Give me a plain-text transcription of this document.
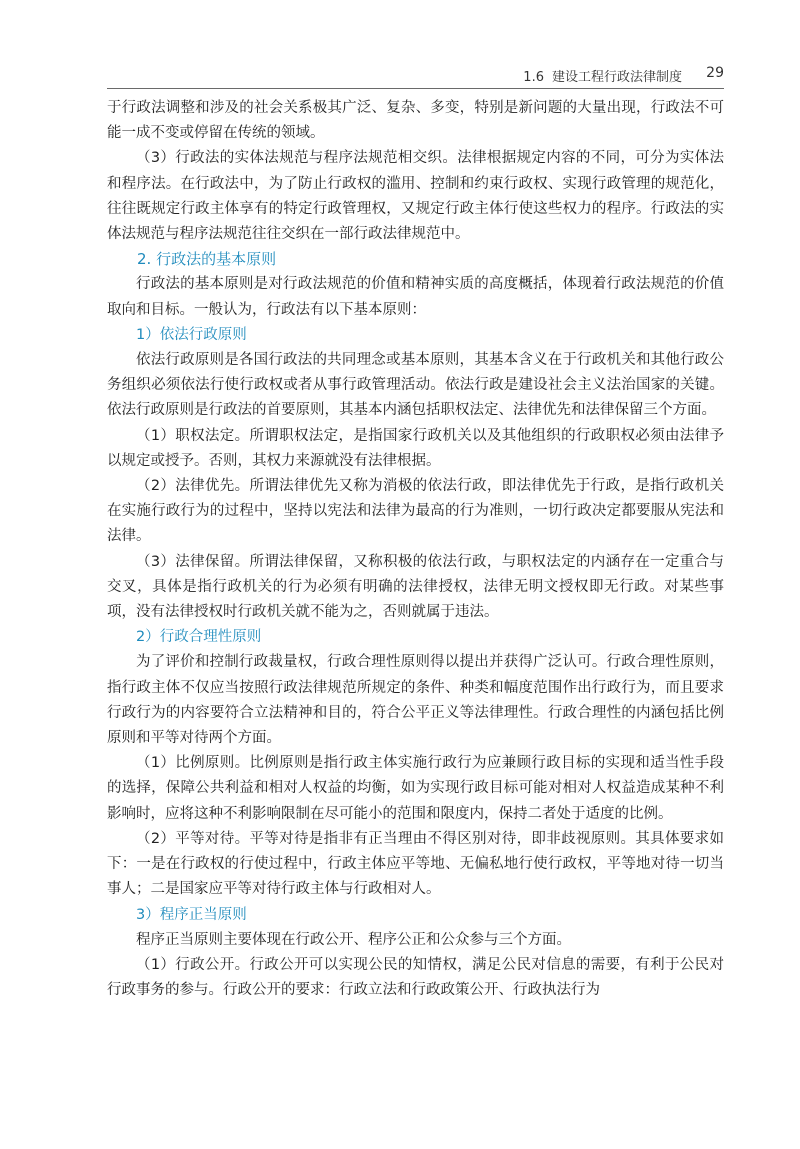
1.6 建设工程行政法律制度 29

于行政法调整和涉及的社会关系极其广泛、复杂、多变，特别是新问题的大量出现，行政法不可能一成不变或停留在传统的领域。

（3）行政法的实体法规范与程序法规范相交织。法律根据规定内容的不同，可分为实体法和程序法。在行政法中，为了防止行政权的滥用、控制和约束行政权、实现行政管理的规范化，往往既规定行政主体享有的特定行政管理权，又规定行政主体行使这些权力的程序。行政法的实体法规范与程序法规范往往交织在一部行政法律规范中。

2. 行政法的基本原则

行政法的基本原则是对行政法规范的价值和精神实质的高度概括，体现着行政法规范的价值取向和目标。一般认为，行政法有以下基本原则：

1）依法行政原则

依法行政原则是各国行政法的共同理念或基本原则，其基本含义在于行政机关和其他行政公务组织必须依法行使行政权或者从事行政管理活动。依法行政是建设社会主义法治国家的关键。依法行政原则是行政法的首要原则，其基本内涵包括职权法定、法律优先和法律保留三个方面。

（1）职权法定。所谓职权法定，是指国家行政机关以及其他组织的行政职权必须由法律予以规定或授予。否则，其权力来源就没有法律根据。

（2）法律优先。所谓法律优先又称为消极的依法行政，即法律优先于行政，是指行政机关在实施行政行为的过程中，坚持以宪法和法律为最高的行为准则，一切行政决定都要服从宪法和法律。

（3）法律保留。所谓法律保留，又称积极的依法行政，与职权法定的内涵存在一定重合与交叉，具体是指行政机关的行为必须有明确的法律授权，法律无明文授权即无行政。对某些事项，没有法律授权时行政机关就不能为之，否则就属于违法。

2）行政合理性原则

为了评价和控制行政裁量权，行政合理性原则得以提出并获得广泛认可。行政合理性原则，指行政主体不仅应当按照行政法律规范所规定的条件、种类和幅度范围作出行政行为，而且要求行政行为的内容要符合立法精神和目的，符合公平正义等法律理性。行政合理性的内涵包括比例原则和平等对待两个方面。

（1）比例原则。比例原则是指行政主体实施行政行为应兼顾行政目标的实现和适当性手段的选择，保障公共利益和相对人权益的均衡，如为实现行政目标可能对相对人权益造成某种不利影响时，应将这种不利影响限制在尽可能小的范围和限度内，保持二者处于适度的比例。

（2）平等对待。平等对待是指非有正当理由不得区别对待，即非歧视原则。其具体要求如下：一是在行政权的行使过程中，行政主体应平等地、无偏私地行使行政权，平等地对待一切当事人；二是国家应平等对待行政主体与行政相对人。

3）程序正当原则

程序正当原则主要体现在行政公开、程序公正和公众参与三个方面。

（1）行政公开。行政公开可以实现公民的知情权，满足公民对信息的需要，有利于公民对行政事务的参与。行政公开的要求：行政立法和行政政策公开、行政执法行为
